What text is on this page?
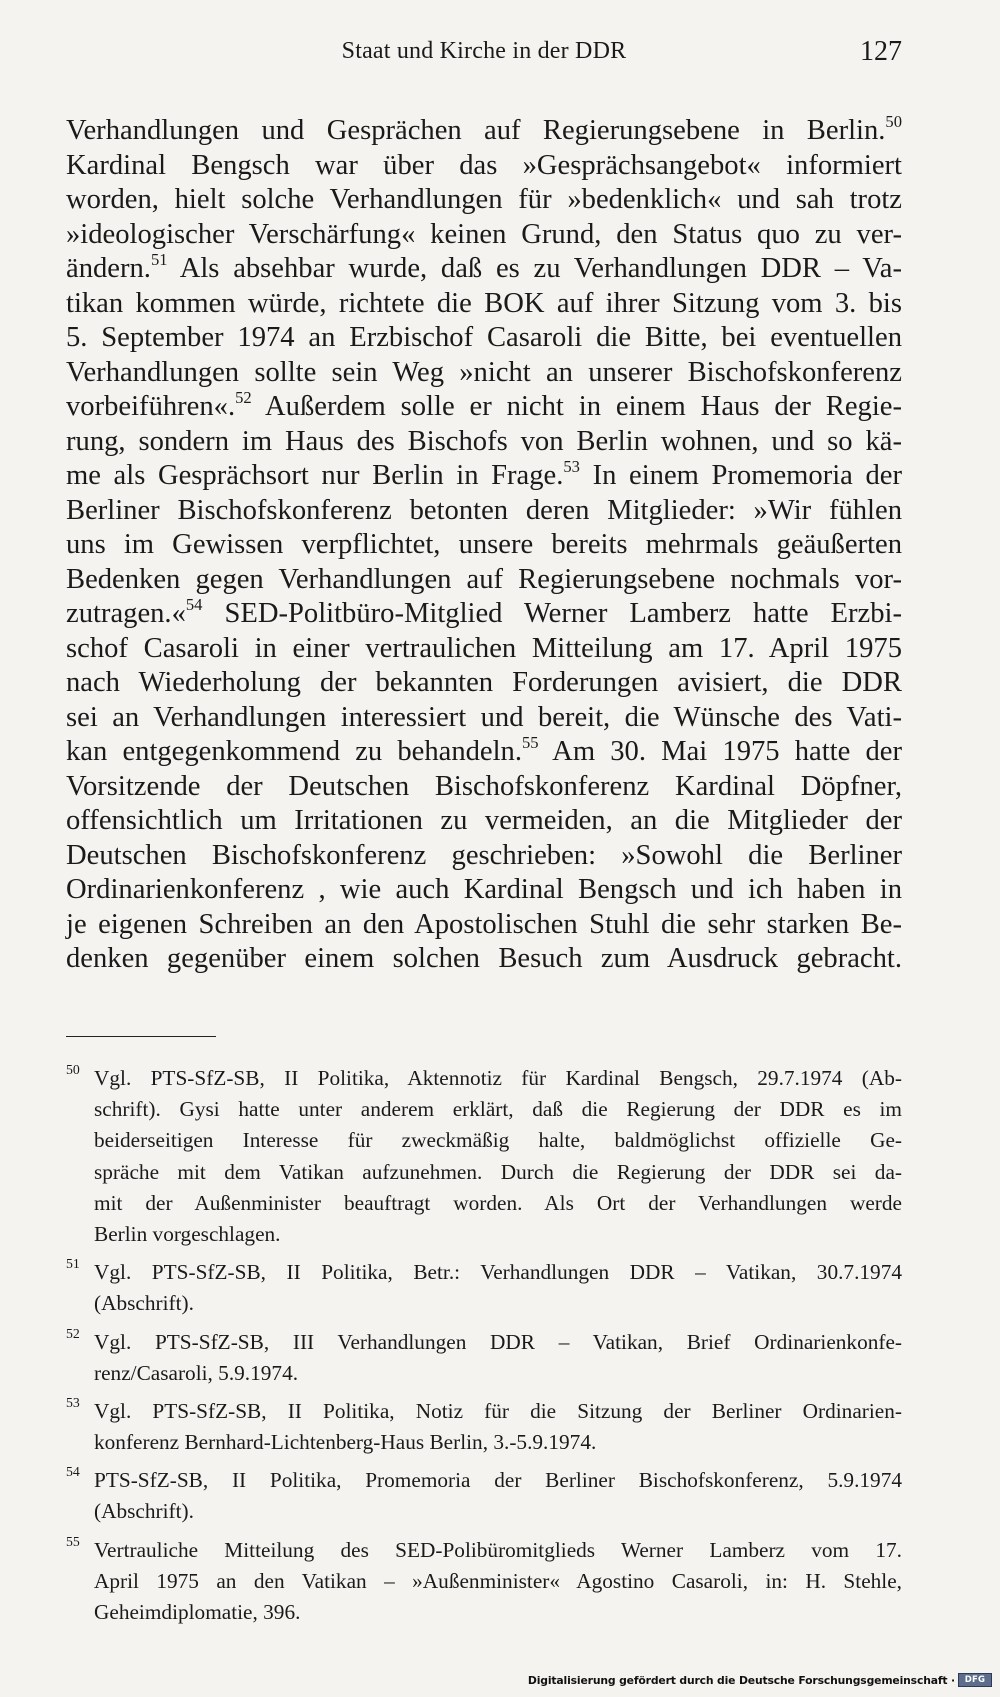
Staat und Kirche in der DDR	127
Verhandlungen und Gesprächen auf Regierungsebene in Berlin.$^{50}$
Kardinal Bengsch war über das »Gesprächsangebot« informiert
worden, hielt solche Verhandlungen für »bedenklich« und sah trotz
»ideologischer Verschärfung« keinen Grund, den Status quo zu ver-
ändern.$^{51}$ Als absehbar wurde, daß es zu Verhandlungen DDR – Va-
tikan kommen würde, richtete die BOK auf ihrer Sitzung vom 3. bis
5. September 1974 an Erzbischof Casaroli die Bitte, bei eventuellen
Verhandlungen sollte sein Weg »nicht an unserer Bischofskonferenz
vorbeiführen«.$^{52}$ Außerdem solle er nicht in einem Haus der Regie-
rung, sondern im Haus des Bischofs von Berlin wohnen, und so kä-
me als Gesprächsort nur Berlin in Frage.$^{53}$ In einem Promemoria der
Berliner Bischofskonferenz betonten deren Mitglieder: »Wir fühlen
uns im Gewissen verpflichtet, unsere bereits mehrmals geäußerten
Bedenken gegen Verhandlungen auf Regierungsebene nochmals vor-
zutragen.«$^{54}$ SED-Politbüro-Mitglied Werner Lamberz hatte Erzbi-
schof Casaroli in einer vertraulichen Mitteilung am 17. April 1975
nach Wiederholung der bekannten Forderungen avisiert, die DDR
sei an Verhandlungen interessiert und bereit, die Wünsche des Vati-
kan entgegenkommend zu behandeln.$^{55}$ Am 30. Mai 1975 hatte der
Vorsitzende der Deutschen Bischofskonferenz Kardinal Döpfner,
offensichtlich um Irritationen zu vermeiden, an die Mitglieder der
Deutschen Bischofskonferenz geschrieben: »Sowohl die Berliner
Ordinarienkonferenz , wie auch Kardinal Bengsch und ich haben in
je eigenen Schreiben an den Apostolischen Stuhl die sehr starken Be-
denken gegenüber einem solchen Besuch zum Ausdruck gebracht.
50 Vgl. PTS-SfZ-SB, II Politika, Aktennotiz für Kardinal Bengsch, 29.7.1974 (Ab-
schrift). Gysi hatte unter anderem erklärt, daß die Regierung der DDR es im
beiderseitigen Interesse für zweckmäßig halte, baldmöglichst offizielle Ge-
spräche mit dem Vatikan aufzunehmen. Durch die Regierung der DDR sei da-
mit der Außenminister beauftragt worden. Als Ort der Verhandlungen werde
Berlin vorgeschlagen.
51 Vgl. PTS-SfZ-SB, II Politika, Betr.: Verhandlungen DDR – Vatikan, 30.7.1974
(Abschrift).
52 Vgl. PTS-SfZ-SB, III Verhandlungen DDR – Vatikan, Brief Ordinarienkonfe-
renz/Casaroli, 5.9.1974.
53 Vgl. PTS-SfZ-SB, II Politika, Notiz für die Sitzung der Berliner Ordinarien-
konferenz Bernhard-Lichtenberg-Haus Berlin, 3.-5.9.1974.
54 PTS-SfZ-SB, II Politika, Promemoria der Berliner Bischofskonferenz, 5.9.1974
(Abschrift).
55 Vertrauliche Mitteilung des SED-Polibüromitglieds Werner Lamberz vom 17.
April 1975 an den Vatikan – »Außenminister« Agostino Casaroli, in: H. Stehle,
Geheimdiplomatie, 396.
Digitalisierung gefördert durch die Deutsche Forschungsgemeinschaft ·	DFG
